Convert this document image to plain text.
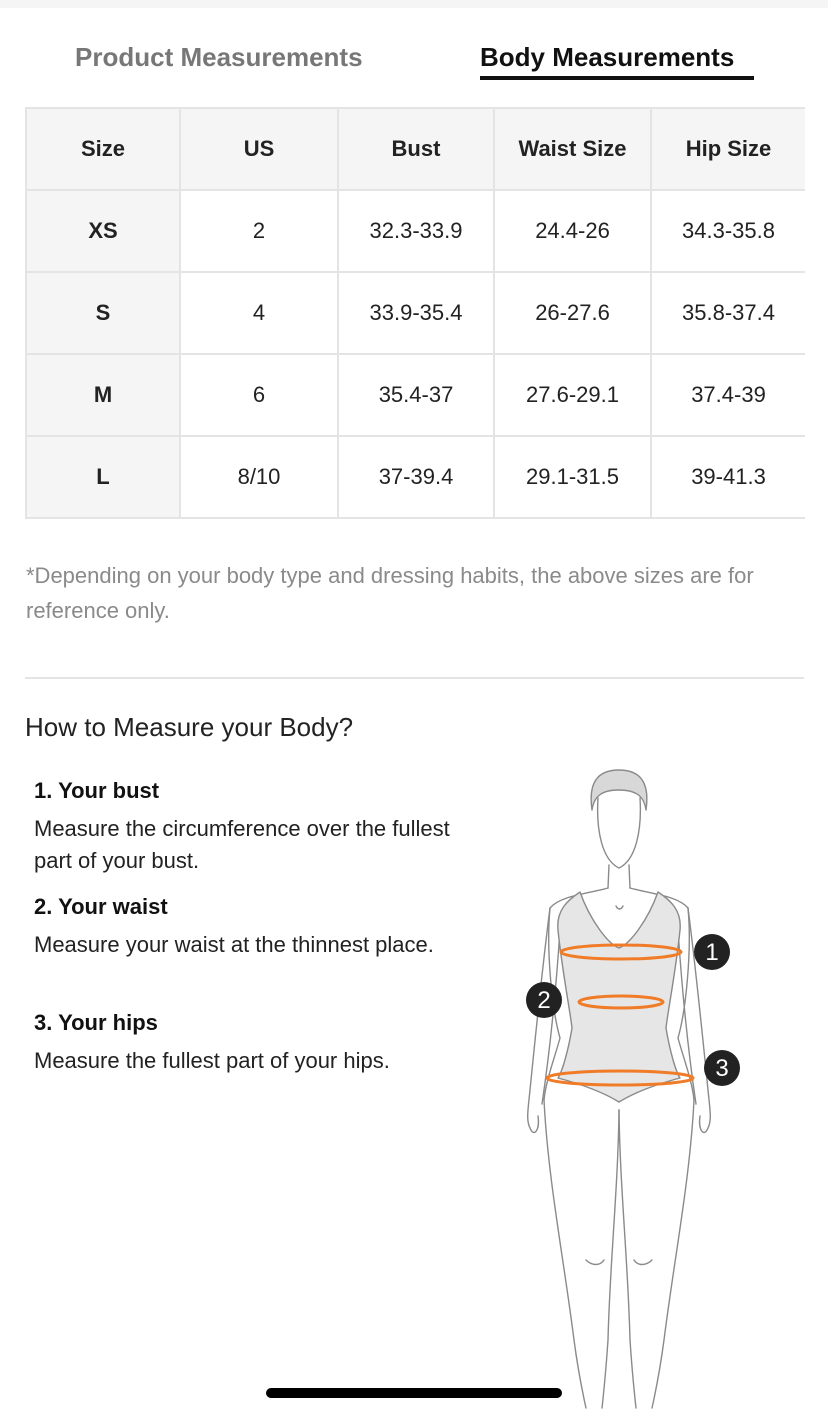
Product Measurements	Body Measurements
Size	US	Bust	Waist Size	Hip Size
XS	2	32.3-33.9	24.4-26	34.3-35.8
S	4	33.9-35.4	26-27.6	35.8-37.4
M	6	35.4-37	27.6-29.1	37.4-39
L	8/10	37-39.4	29.1-31.5	39-41.3
*Depending on your body type and dressing habits, the above sizes are for reference only.
How to Measure your Body?
1. Your bust
Measure the circumference over the fullest part of your bust.
2. Your waist
Measure your waist at the thinnest place.
3. Your hips
Measure the fullest part of your hips.
1
2
3
